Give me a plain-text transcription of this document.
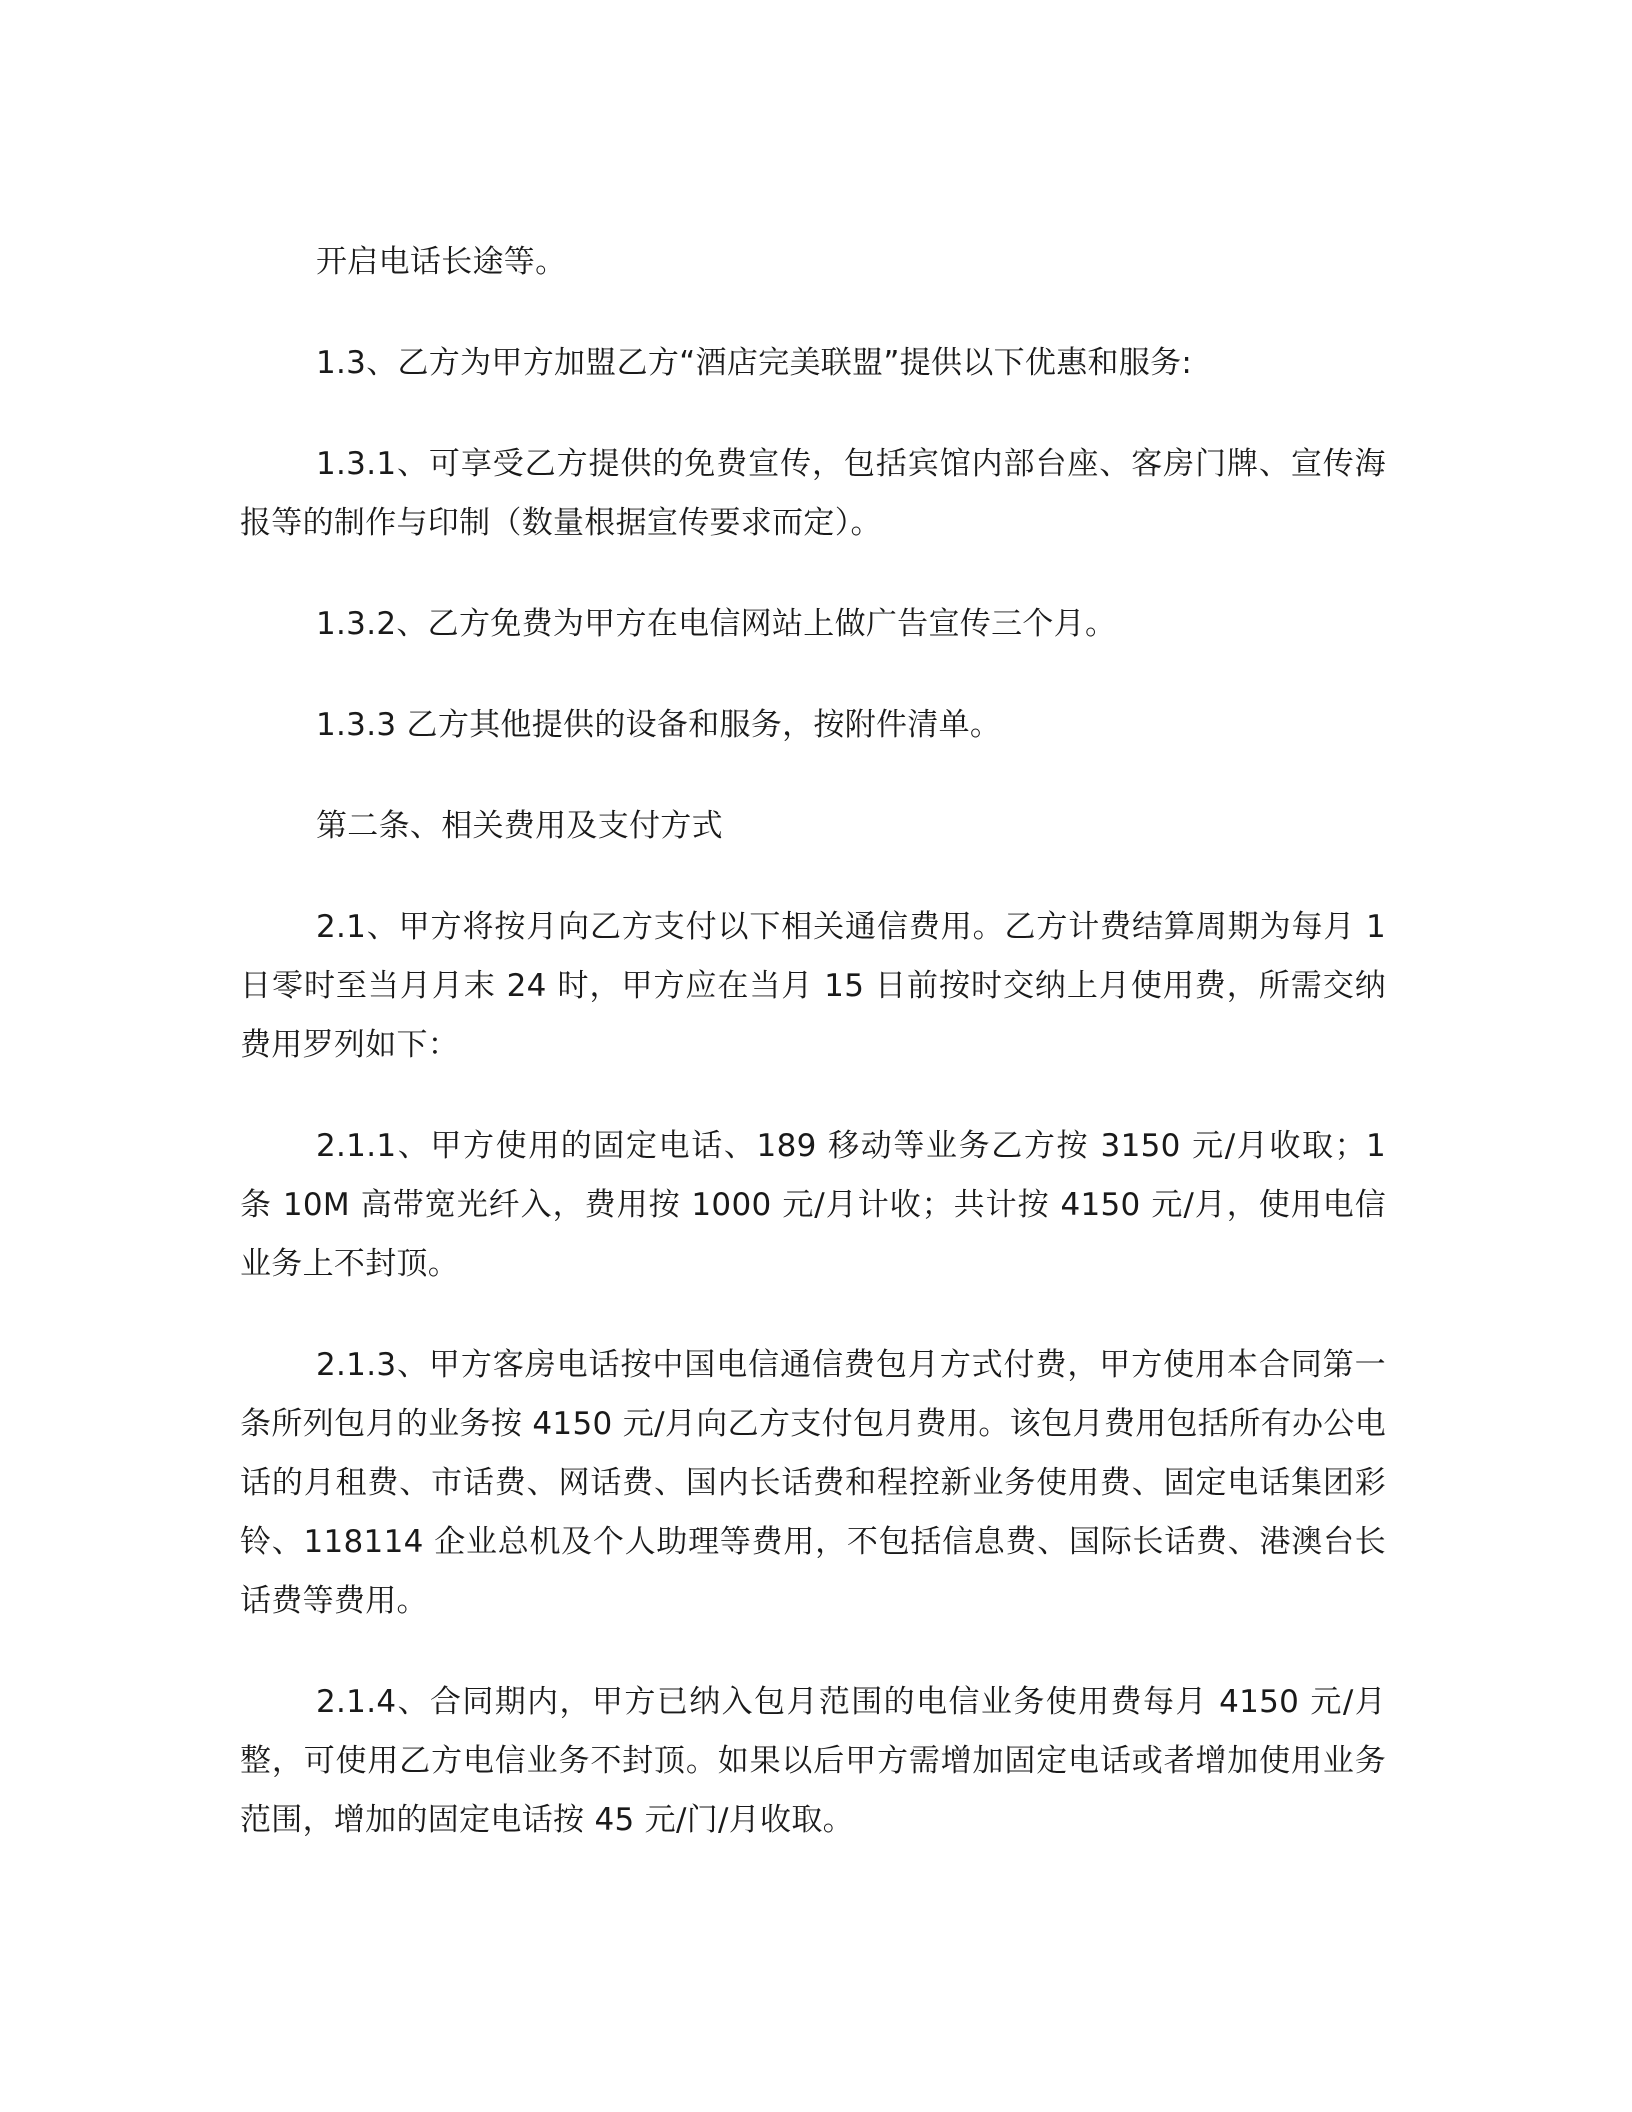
开启电话长途等。

1.3、乙方为甲方加盟乙方“酒店完美联盟”提供以下优惠和服务:

1.3.1、可享受乙方提供的免费宣传，包括宾馆内部台座、客房门牌、宣传海报等的制作与印制（数量根据宣传要求而定）。

1.3.2、乙方免费为甲方在电信网站上做广告宣传三个月。

1.3.3 乙方其他提供的设备和服务，按附件清单。

第二条、相关费用及支付方式

2.1、甲方将按月向乙方支付以下相关通信费用。乙方计费结算周期为每月 1 日零时至当月月末 24 时，甲方应在当月 15 日前按时交纳上月使用费，所需交纳费用罗列如下：

2.1.1、甲方使用的固定电话、189 移动等业务乙方按 3150 元/月收取；1 条 10M 高带宽光纤入，费用按 1000 元/月计收；共计按 4150 元/月，使用电信业务上不封顶。

2.1.3、甲方客房电话按中国电信通信费包月方式付费，甲方使用本合同第一条所列包月的业务按 4150 元/月向乙方支付包月费用。该包月费用包括所有办公电话的月租费、市话费、网话费、国内长话费和程控新业务使用费、固定电话集团彩铃、118114 企业总机及个人助理等费用，不包括信息费、国际长话费、港澳台长话费等费用。

2.1.4、合同期内，甲方已纳入包月范围的电信业务使用费每月 4150 元/月整，可使用乙方电信业务不封顶。如果以后甲方需增加固定电话或者增加使用业务范围，增加的固定电话按 45 元/门/月收取。
